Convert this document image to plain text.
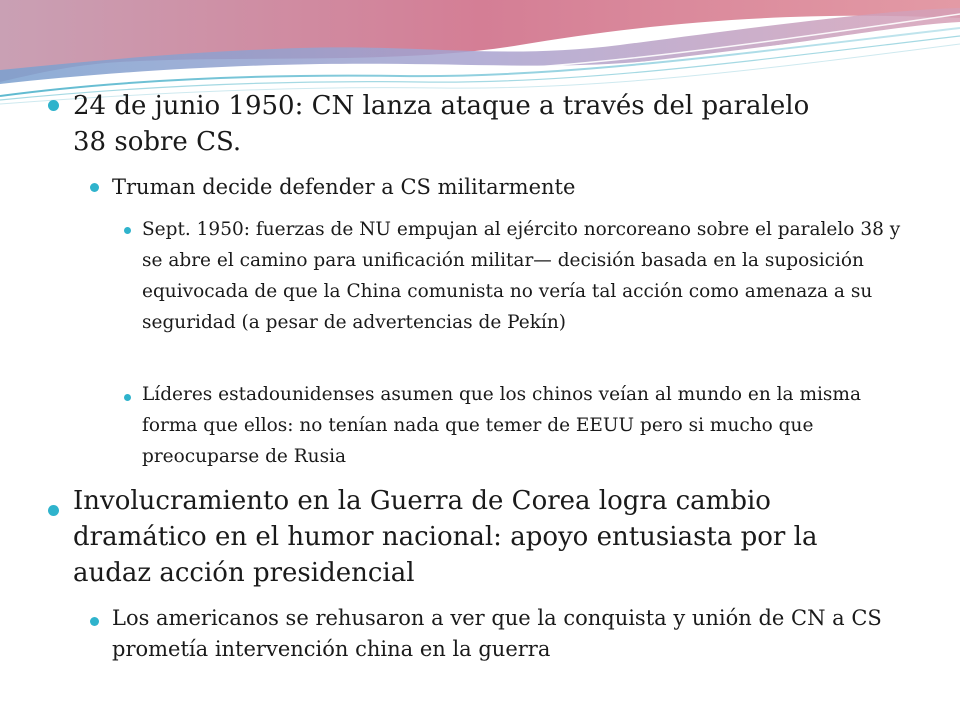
24 de junio 1950: CN lanza ataque a través del paralelo 38 sobre CS.

Truman decide defender a CS militarmente

Sept. 1950: fuerzas de NU empujan al ejército norcoreano sobre el paralelo 38 y se abre el camino para unificación militar— decisión basada en la suposición equivocada de que la China comunista no vería tal acción como amenaza a su seguridad (a pesar de advertencias de Pekín)

Líderes estadounidenses asumen que los chinos veían al mundo en la misma forma que ellos: no tenían nada que temer de EEUU pero si mucho que preocuparse de Rusia

Involucramiento en la Guerra de Corea logra cambio dramático en el humor nacional: apoyo entusiasta por la audaz acción presidencial

Los americanos se rehusaron a ver que la conquista y unión de CN a CS prometía intervención china en la guerra
